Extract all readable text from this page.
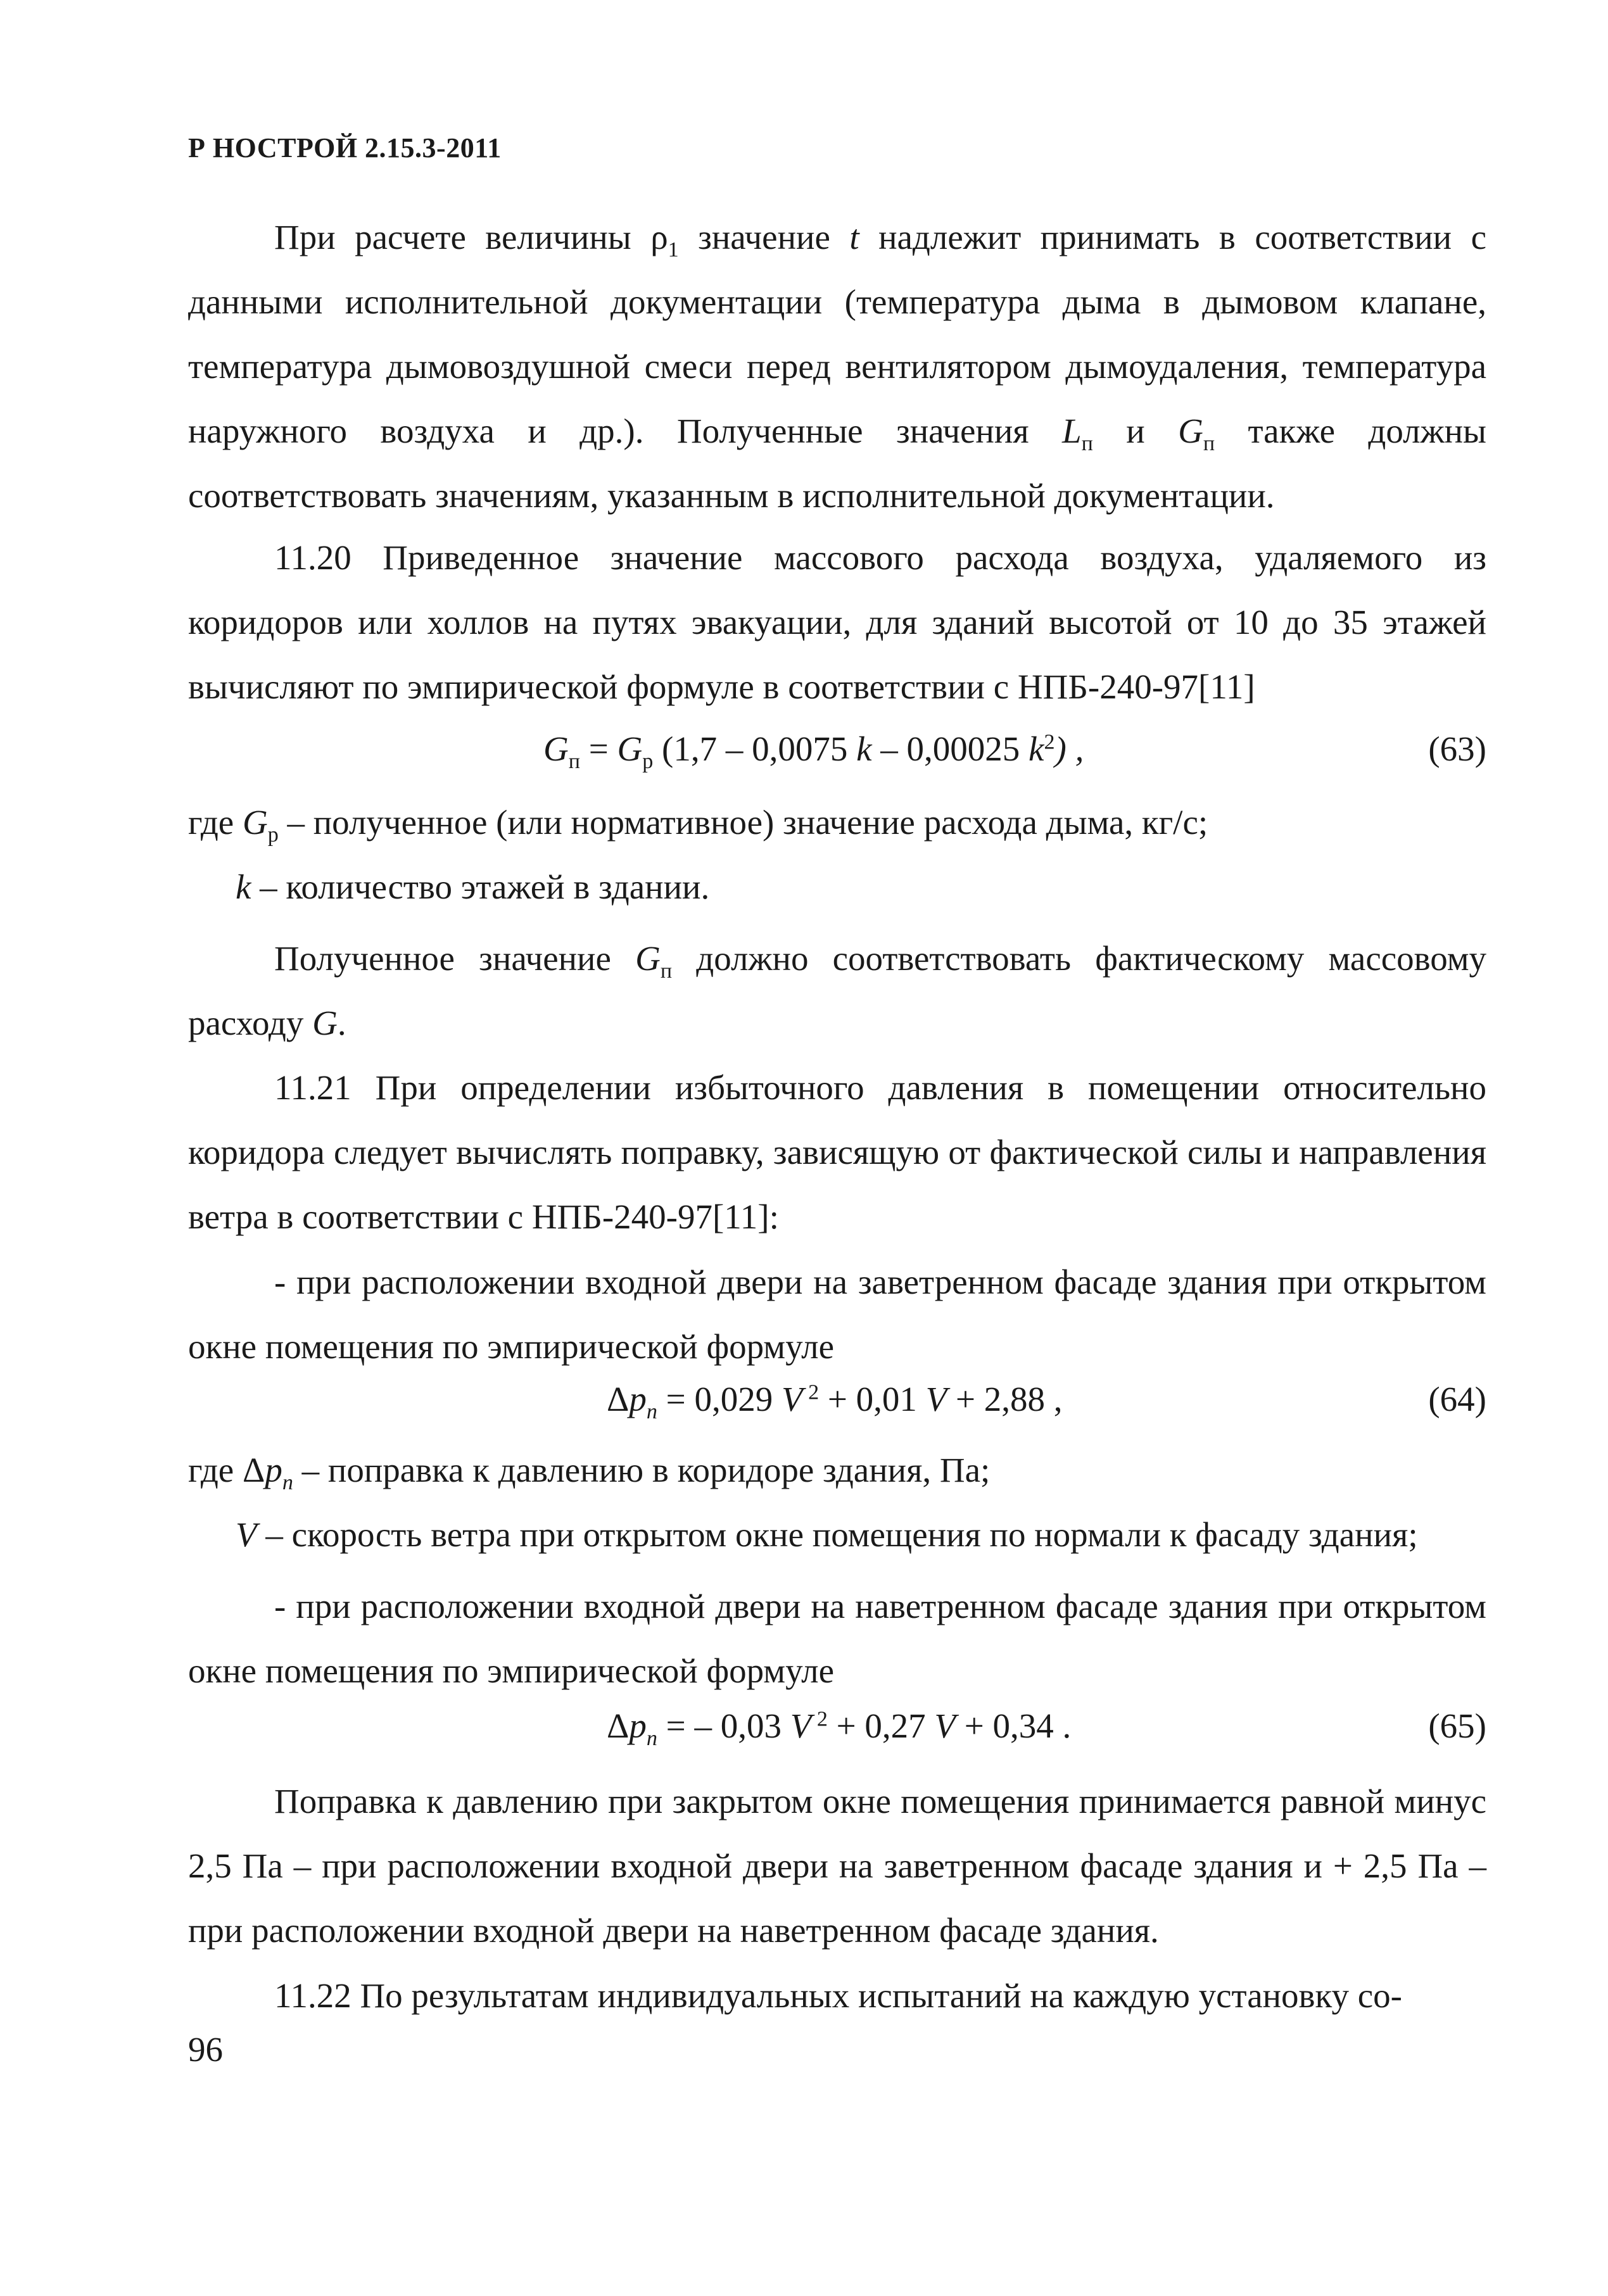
Р НОСТРОЙ 2.15.3-2011
При расчете величины $\rho_1$ значение t надлежит принимать в соответствии с данными исполнительной документации (температура дыма в дымовом клапане, температура дымовоздушной смеси перед вентилятором дымоудаления, температура наружного воздуха и др.). Полученные значения $L_п$ и $G_п$ также должны соответствовать значениям, указанным в исполнительной документации.
11.20 Приведенное значение массового расхода воздуха, удаляемого из коридоров или холлов на путях эвакуации, для зданий высотой от 10 до 35 этажей вычисляют по эмпирической формуле в соответствии с НПБ-240-97[11]
$G_п = G_р$ (1,7 – 0,0075 k – 0,00025 $k^2$) ,	(63)
где $G_р$ – полученное (или нормативное) значение расхода дыма, кг/с;
k – количество этажей в здании.
Полученное значение $G_п$ должно соответствовать фактическому массовому расходу G.
11.21 При определении избыточного давления в помещении относительно коридора следует вычислять поправку, зависящую от фактической силы и направления ветра в соответствии с НПБ-240-97[11]:
- при расположении входной двери на заветренном фасаде здания при открытом окне помещения по эмпирической формуле
$\Delta p_n = 0,029$ V $^2$ + 0,01 V + 2,88 ,	(64)
где $\Delta p_n$ – поправка к давлению в коридоре здания, Па;
V – скорость ветра при открытом окне помещения по нормали к фасаду здания;
- при расположении входной двери на наветренном фасаде здания при открытом окне помещения по эмпирической формуле
$\Delta p_n$ = – 0,03 V $^2$ + 0,27 V + 0,34 .	(65)
Поправка к давлению при закрытом окне помещения принимается равной минус 2,5 Па – при расположении входной двери на заветренном фасаде здания и + 2,5 Па – при расположении входной двери на наветренном фасаде здания.
11.22 По результатам индивидуальных испытаний на каждую установку со-
96
